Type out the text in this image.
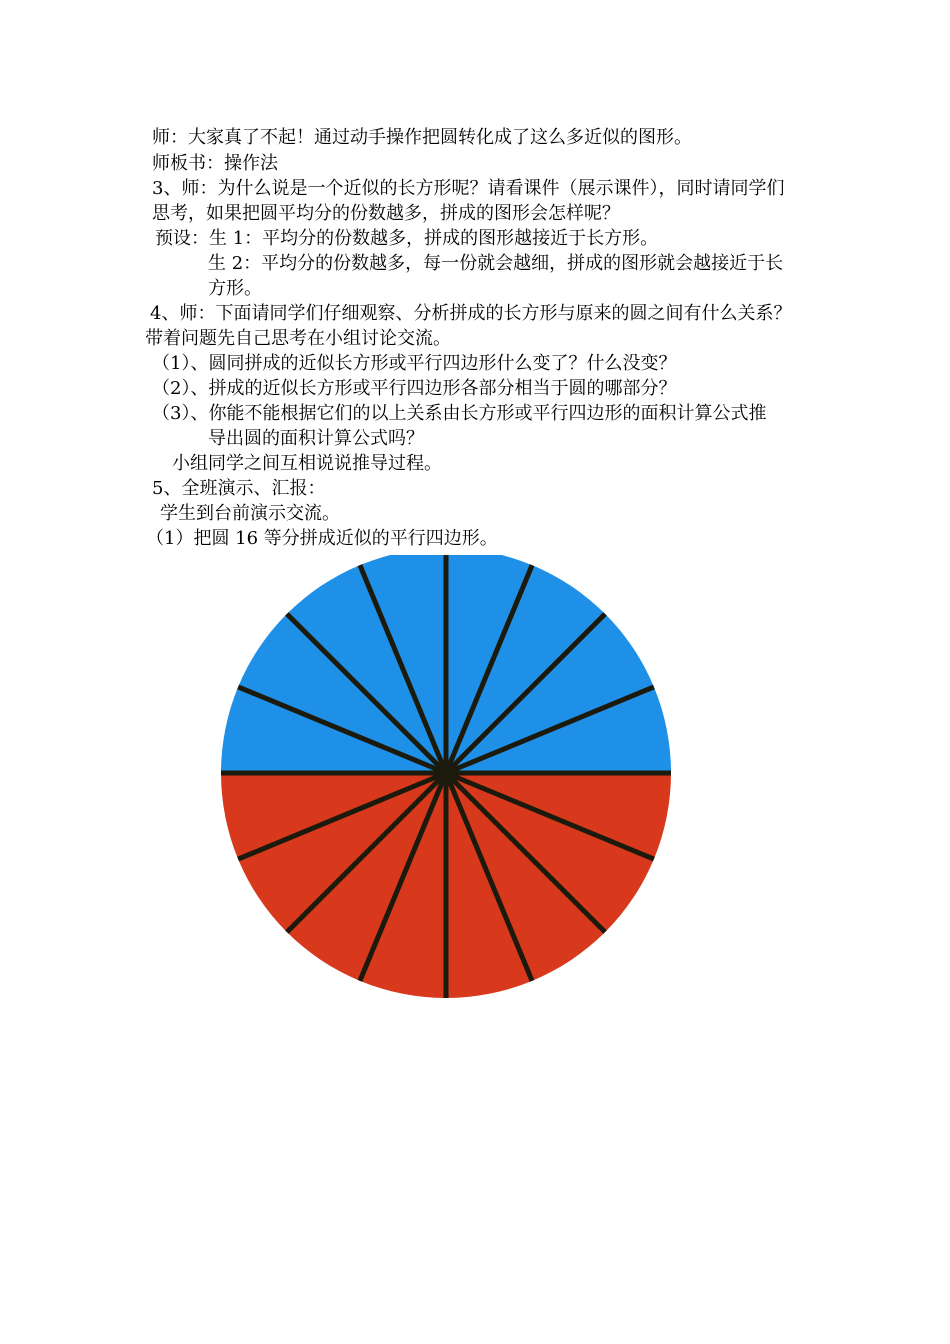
师：大家真了不起！通过动手操作把圆转化成了这么多近似的图形。
师板书：操作法
3、师：为什么说是一个近似的长方形呢？请看课件（展示课件），同时请同学们
思考，如果把圆平均分的份数越多，拼成的图形会怎样呢？
预设：生 1：平均分的份数越多，拼成的图形越接近于长方形。
生 2：平均分的份数越多，每一份就会越细，拼成的图形就会越接近于长
方形。
4、师：下面请同学们仔细观察、分析拼成的长方形与原来的圆之间有什么关系？
带着问题先自己思考在小组讨论交流。
（1）、圆同拼成的近似长方形或平行四边形什么变了？什么没变？
（2）、拼成的近似长方形或平行四边形各部分相当于圆的哪部分？
（3）、你能不能根据它们的以上关系由长方形或平行四边形的面积计算公式推
导出圆的面积计算公式吗？
小组同学之间互相说说推导过程。
5、全班演示、汇报：
学生到台前演示交流。
（1）把圆 16 等分拼成近似的平行四边形。
